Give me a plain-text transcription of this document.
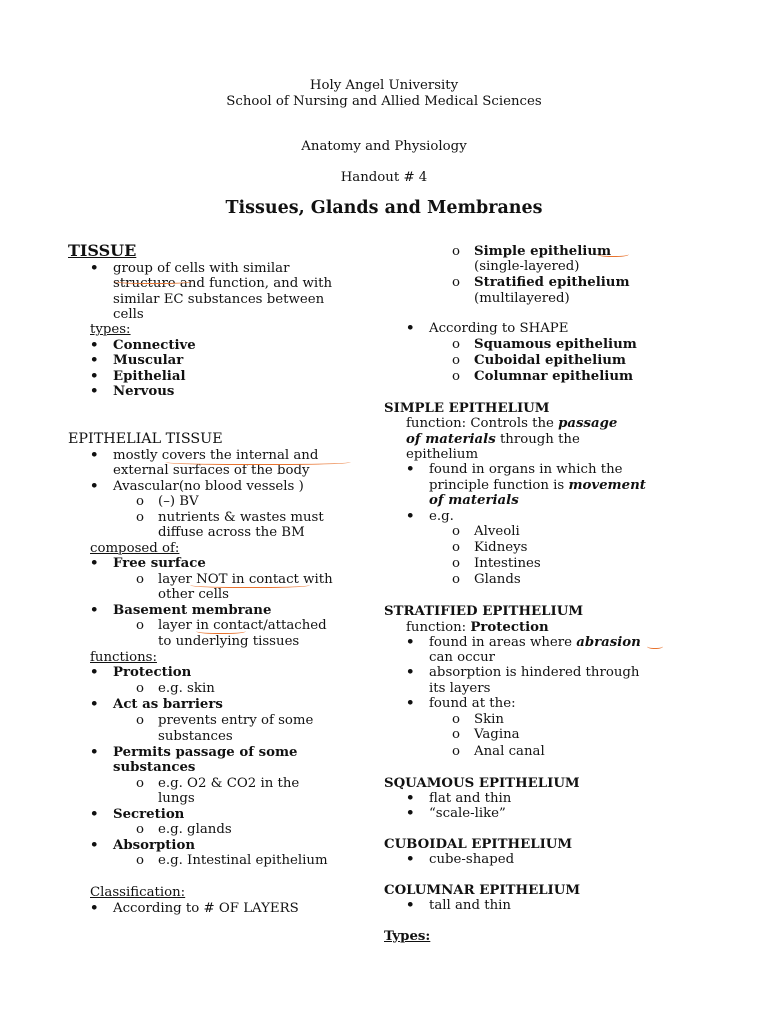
Holy Angel University
School of Nursing and Allied Medical Sciences
Anatomy and Physiology
Handout # 4
Tissues, Glands and Membranes
TISSUE
• group of cells with similar
structure and function, and with
similar EC substances between
cells
types:
• Connective
• Muscular
• Epithelial
• Nervous
EPITHELIAL TISSUE
• mostly covers the internal and
external surfaces of the body
• Avascular(no blood vessels )
o (–) BV
o nutrients & wastes must
diffuse across the BM
composed of:
• Free surface
o layer NOT in contact with
other cells
• Basement membrane
o layer in contact/attached
to underlying tissues
functions:
• Protection
o e.g. skin
• Act as barriers
o prevents entry of some
substances
• Permits passage of some
substances
o e.g. O2 & CO2 in the
lungs
• Secretion
o e.g. glands
• Absorption
o e.g. Intestinal epithelium
Classification:
• According to # OF LAYERS
o Simple epithelium
(single-layered)
o Stratified epithelium
(multilayered)
• According to SHAPE
o Squamous epithelium
o Cuboidal epithelium
o Columnar epithelium
SIMPLE EPITHELIUM
function: Controls the passage
of materials through the
epithelium
• found in organs in which the
principle function is movement
of materials
• e.g.
o Alveoli
o Kidneys
o Intestines
o Glands
STRATIFIED EPITHELIUM
function: Protection
• found in areas where abrasion
can occur
• absorption is hindered through
its layers
• found at the:
o Skin
o Vagina
o Anal canal
SQUAMOUS EPITHELIUM
• flat and thin
• “scale-like”
CUBOIDAL EPITHELIUM
• cube-shaped
COLUMNAR EPITHELIUM
• tall and thin
Types:
